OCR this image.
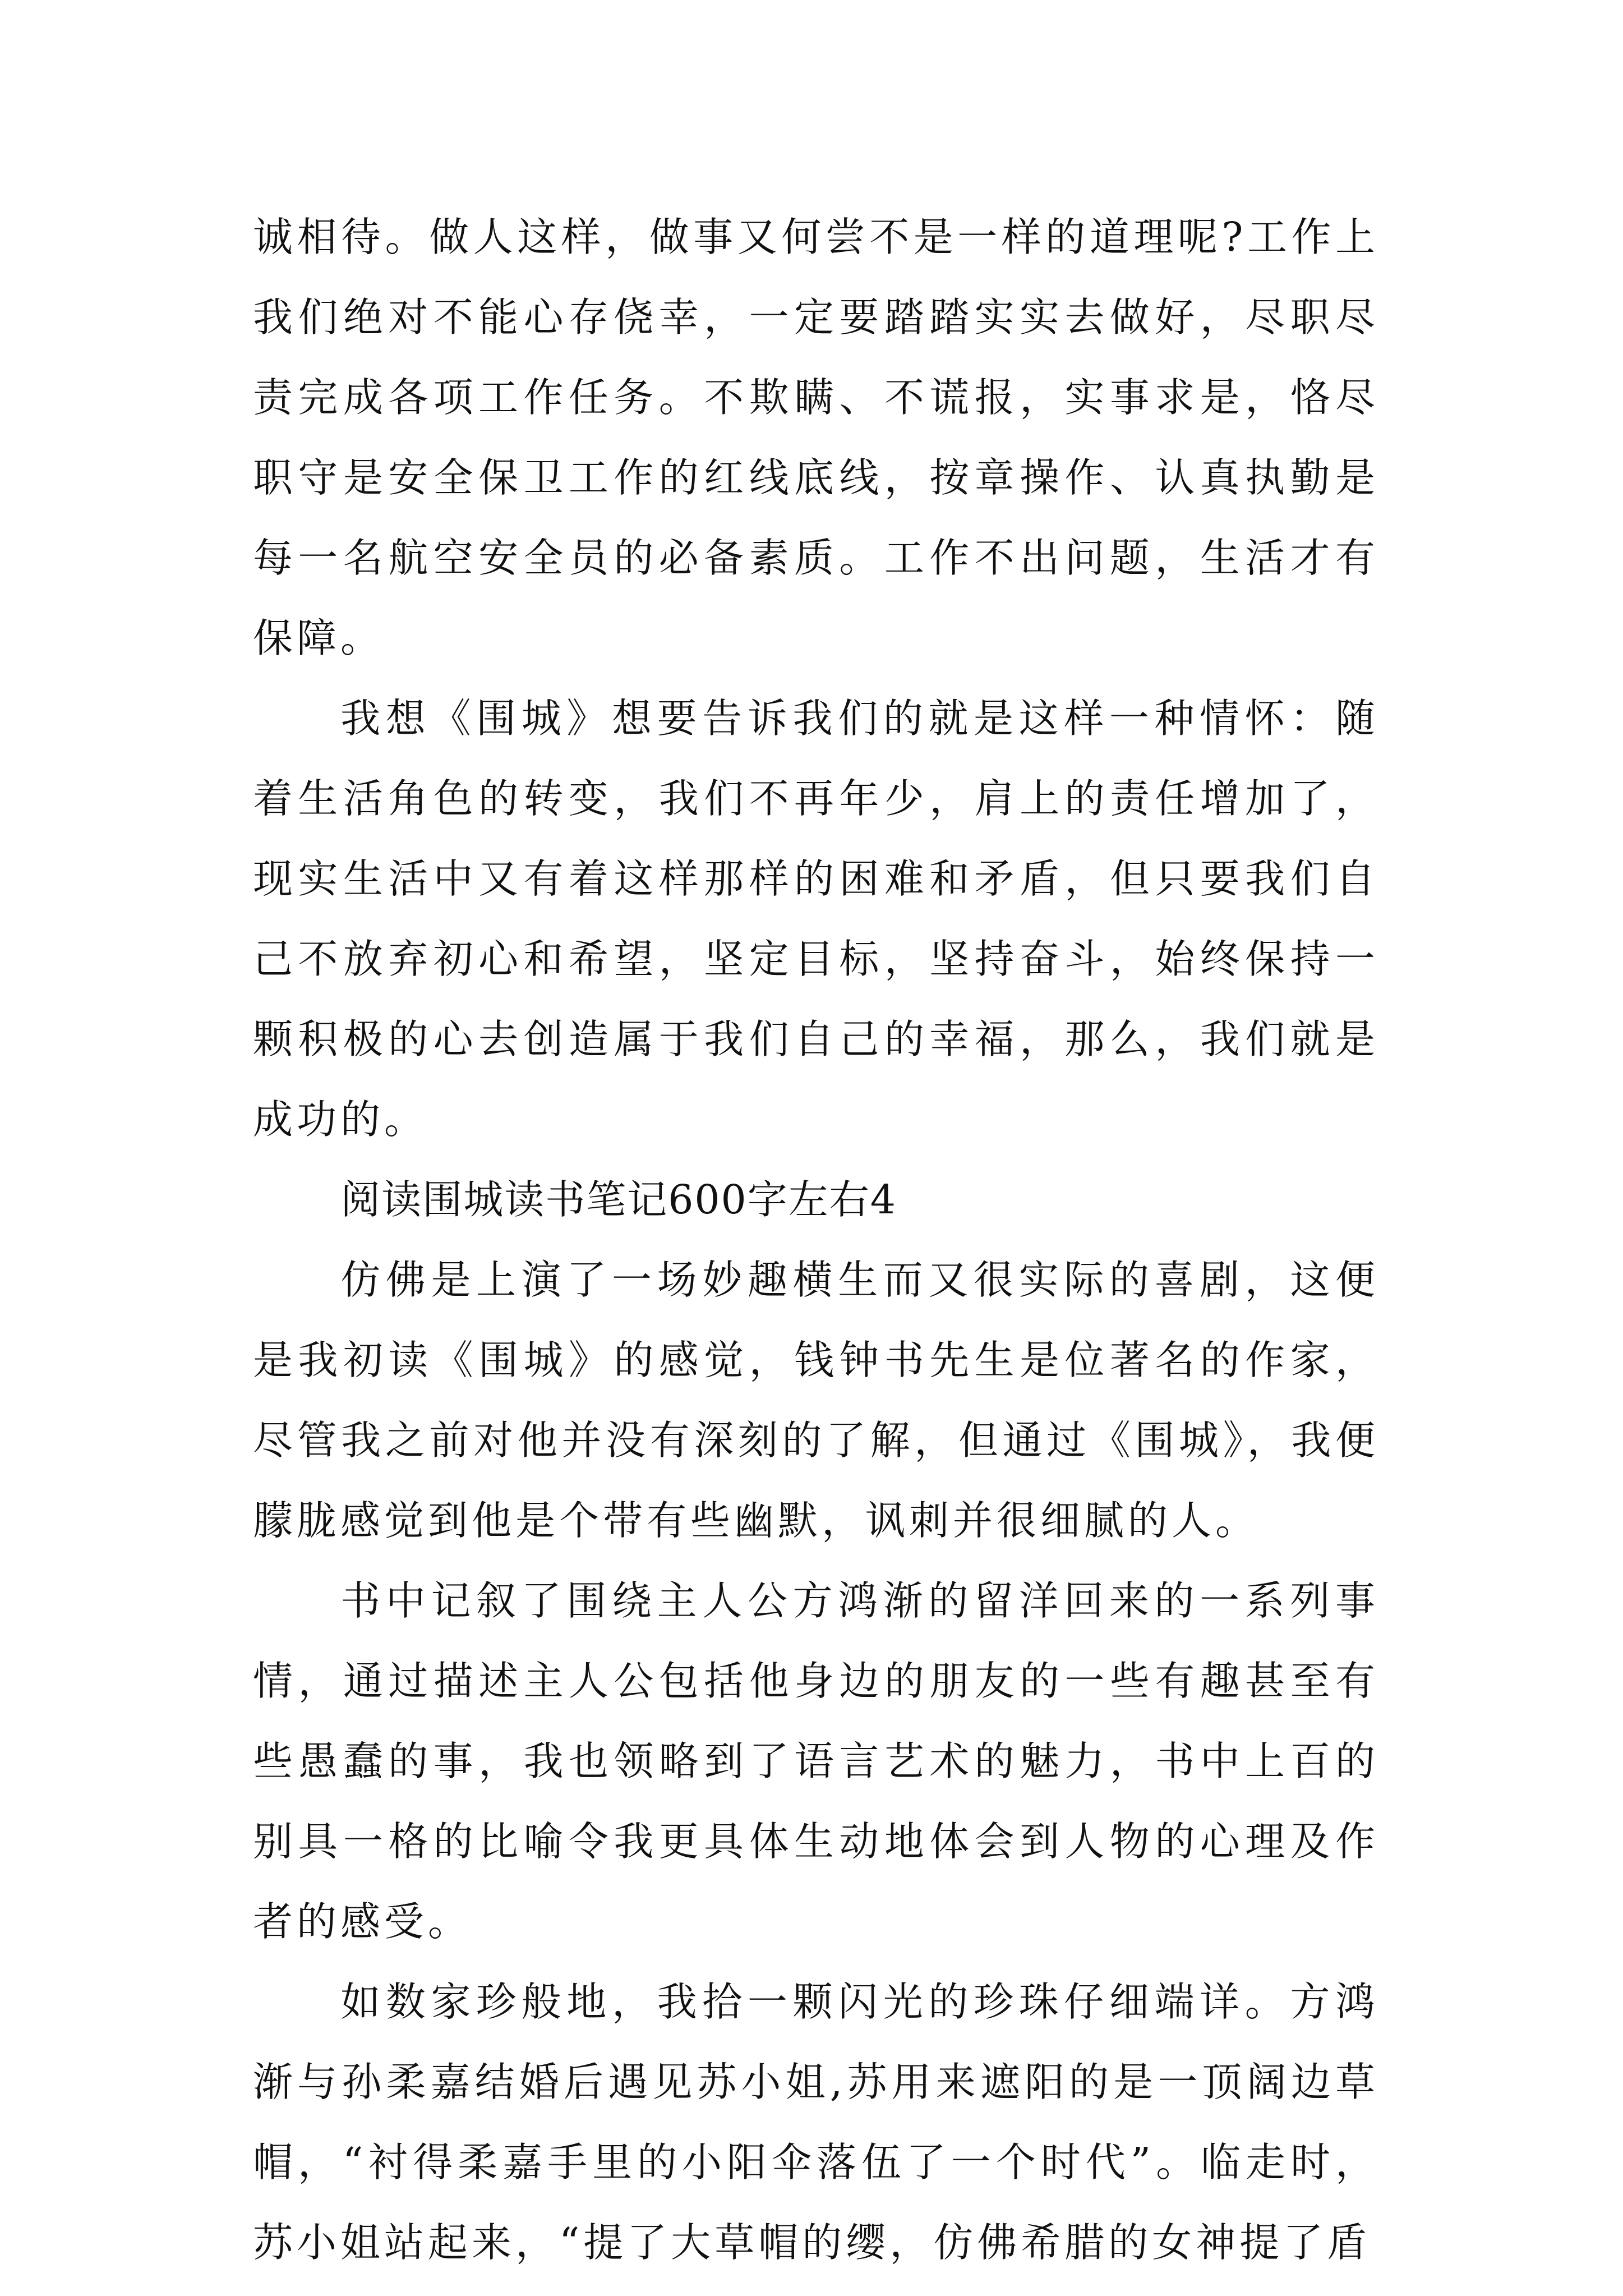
诚相待。做人这样，做事又何尝不是一样的道理呢?工作上我们绝对不能心存侥幸，一定要踏踏实实去做好，尽职尽责完成各项工作任务。不欺瞒、不谎报，实事求是，恪尽职守是安全保卫工作的红线底线，按章操作、认真执勤是每一名航空安全员的必备素质。工作不出问题，生活才有保障。

我想《围城》想要告诉我们的就是这样一种情怀：随着生活角色的转变，我们不再年少，肩上的责任增加了，现实生活中又有着这样那样的困难和矛盾，但只要我们自己不放弃初心和希望，坚定目标，坚持奋斗，始终保持一颗积极的心去创造属于我们自己的幸福，那么，我们就是成功的。

阅读围城读书笔记600字左右4

仿佛是上演了一场妙趣横生而又很实际的喜剧，这便是我初读《围城》的感觉，钱钟书先生是位著名的作家，尽管我之前对他并没有深刻的了解，但通过《围城》，我便朦胧感觉到他是个带有些幽默，讽刺并很细腻的人。

书中记叙了围绕主人公方鸿渐的留洋回来的一系列事情，通过描述主人公包括他身边的朋友的一些有趣甚至有些愚蠢的事，我也领略到了语言艺术的魅力，书中上百的别具一格的比喻令我更具体生动地体会到人物的心理及作者的感受。

如数家珍般地，我拾一颗闪光的珍珠仔细端详。方鸿渐与孙柔嘉结婚后遇见苏小姐,苏用来遮阳的是一顶阔边草帽，“衬得柔嘉手里的小阳伞落伍了一个时代”。临走时，苏小姐站起来，“提了大草帽的缨，仿佛希腊的女神提了盾
